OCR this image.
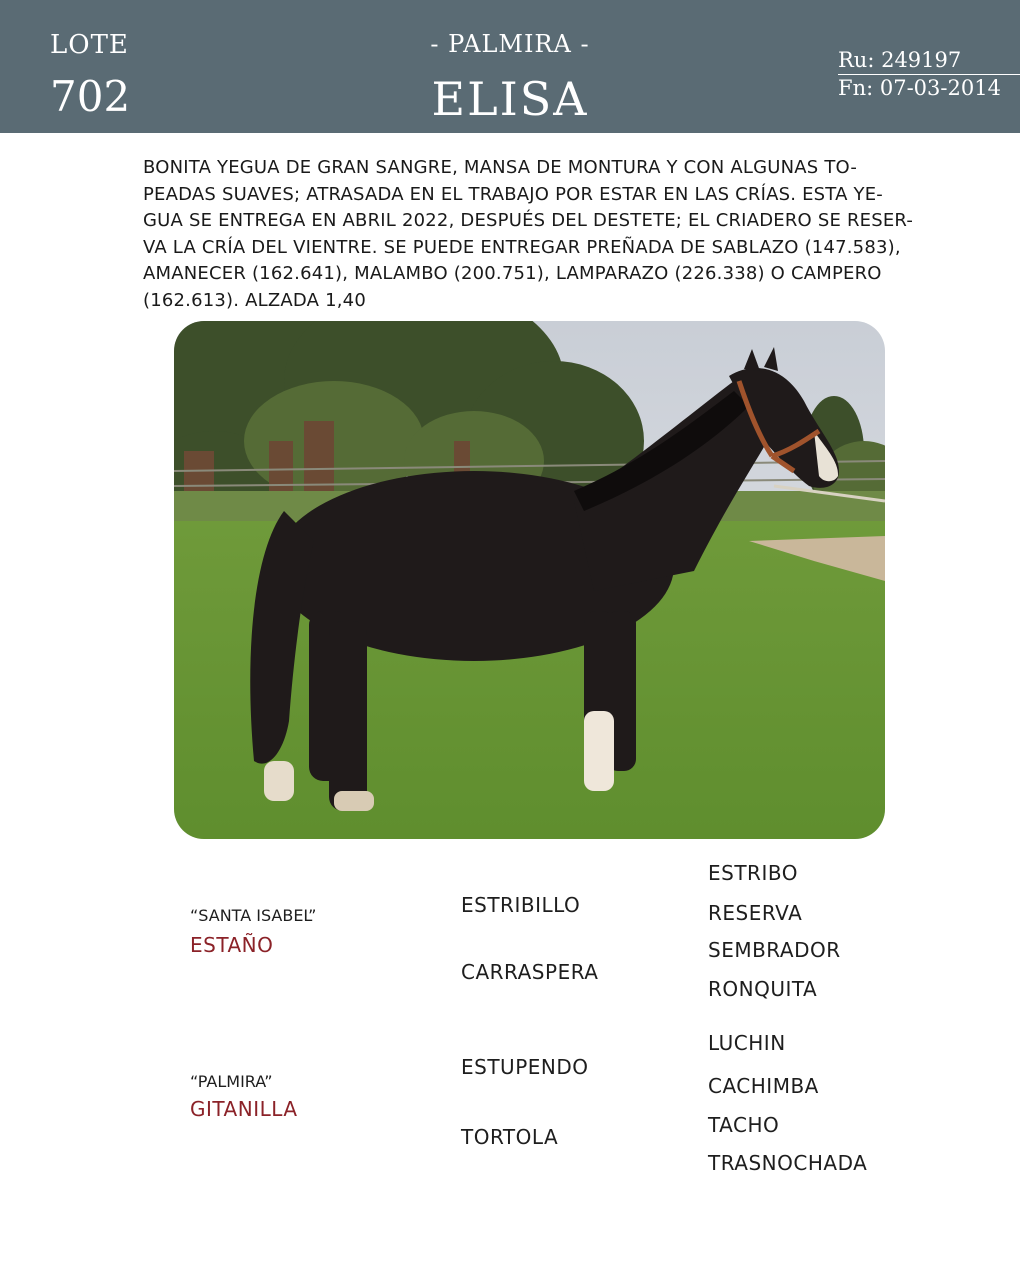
LOTE
702
- PALMIRA -
ELISA
Ru: 249197
Fn: 07-03-2014
BONITA YEGUA DE GRAN SANGRE, MANSA DE MONTURA Y CON ALGUNAS TO-
PEADAS SUAVES; ATRASADA EN EL TRABAJO POR ESTAR EN LAS CRÍAS. ESTA YE-
GUA SE ENTREGA EN ABRIL 2022, DESPUÉS DEL DESTETE; EL CRIADERO SE RESER-
VA LA CRÍA DEL VIENTRE. SE PUEDE ENTREGAR PREÑADA DE SABLAZO (147.583),
AMANECER (162.641), MALAMBO (200.751), LAMPARAZO (226.338) O CAMPERO
(162.613). ALZADA 1,40
“SANTA ISABEL”
ESTAÑO
ESTRIBILLO
CARRASPERA
ESTRIBO
RESERVA
SEMBRADOR
RONQUITA
“PALMIRA”
GITANILLA
ESTUPENDO
TORTOLA
LUCHIN
CACHIMBA
TACHO
TRASNOCHADA
